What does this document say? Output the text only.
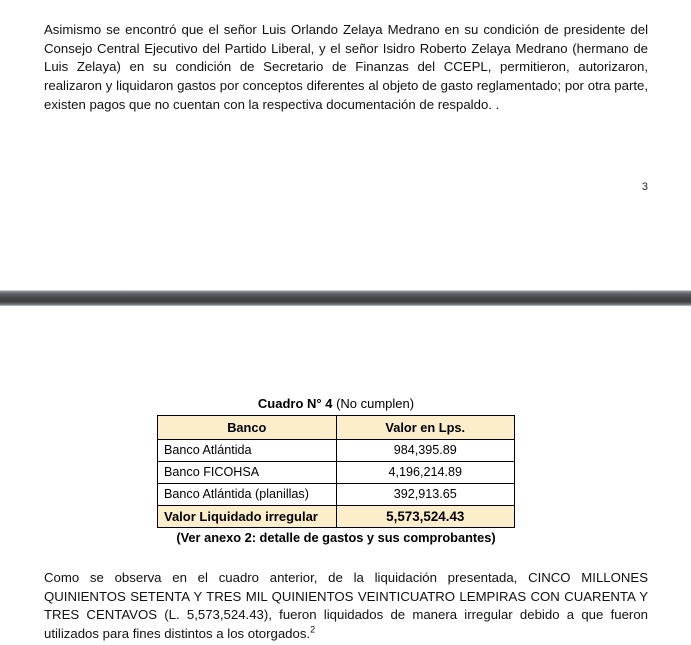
Asimismo se encontró que el señor Luis Orlando Zelaya Medrano en su condición de presidente del Consejo Central Ejecutivo del Partido Liberal, y el señor Isidro Roberto Zelaya Medrano (hermano de Luis Zelaya) en su condición de Secretario de Finanzas del CCEPL, permitieron, autorizaron, realizaron y liquidaron gastos por conceptos diferentes al objeto de gasto reglamentado; por otra parte, existen pagos que no cuentan con la respectiva documentación de respaldo. .

3
Cuadro N° 4 (No cumplen)
Banco	Valor en Lps.
Banco Atlántida	984,395.89
Banco FICOHSA	4,196,214.89
Banco Atlántida (planillas)	392,913.65
Valor Liquidado irregular	5,573,524.43
(Ver anexo 2: detalle de gastos y sus comprobantes)

Como se observa en el cuadro anterior, de la liquidación presentada, CINCO MILLONES QUINIENTOS SETENTA Y TRES MIL QUINIENTOS VEINTICUATRO LEMPIRAS CON CUARENTA Y TRES CENTAVOS (L. 5,573,524.43), fueron liquidados de manera irregular debido a que fueron utilizados para fines distintos a los otorgados.$^2$
